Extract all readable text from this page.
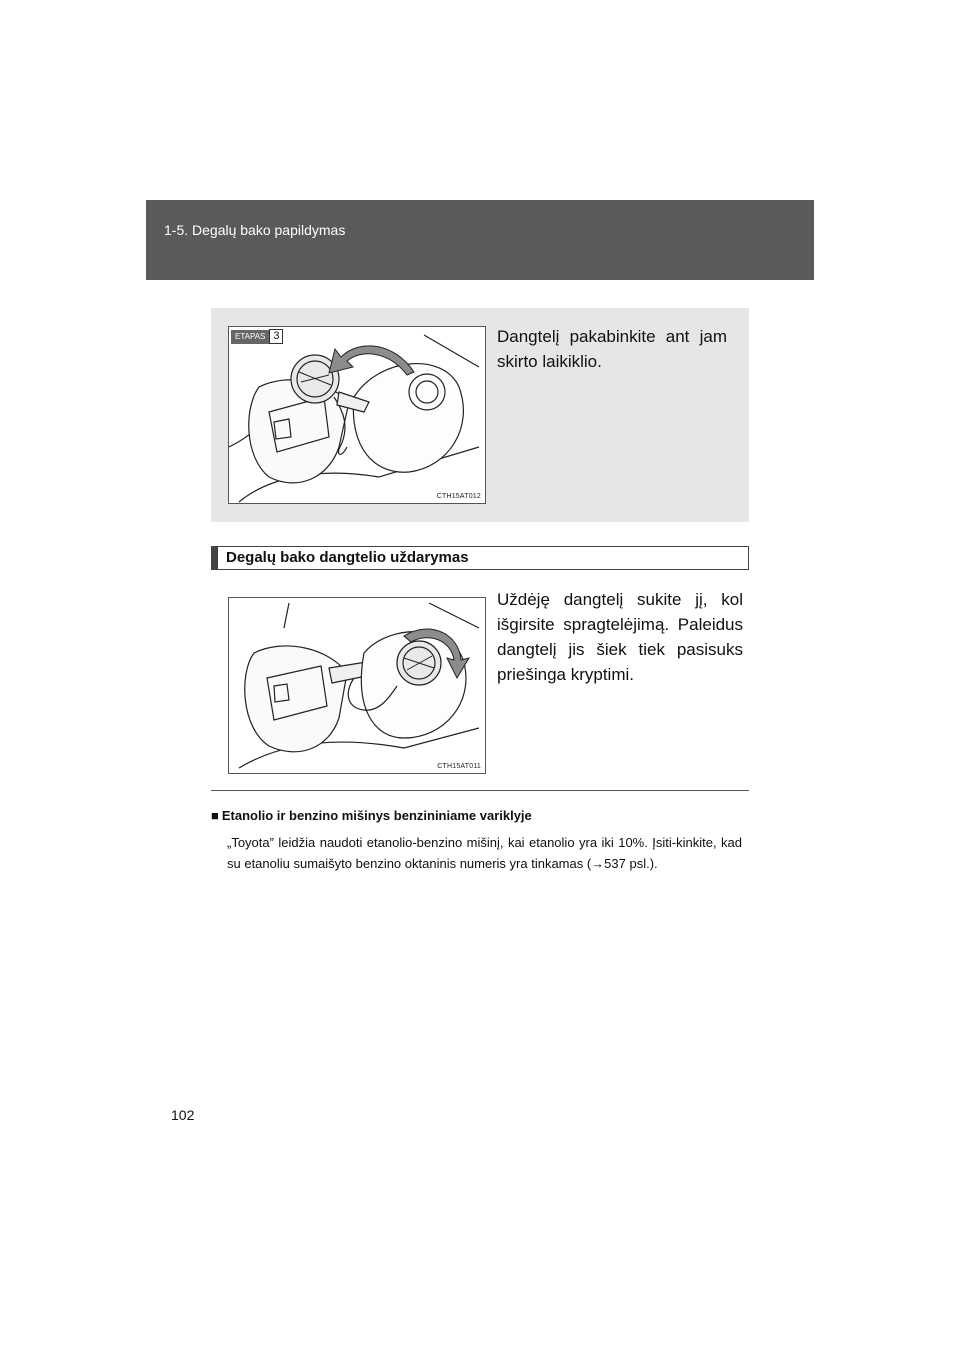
1-5. Degalų bako papildymas
ETAPAS 3
CTH15AT012
Dangtelį pakabinkite ant jam skirto laikiklio.
Degalų bako dangtelio uždarymas
CTH15AT011
Uždėję dangtelį sukite jį, kol išgirsite spragtelėjimą. Paleidus dangtelį jis šiek tiek pasisuks priešinga kryptimi.
■ Etanolio ir benzino mišinys benzininiame variklyje
„Toyota” leidžia naudoti etanolio-benzino mišinį, kai etanolio yra iki 10%. Įsiti-kinkite, kad su etanoliu sumaišyto benzino oktaninis numeris yra tinkamas (→537 psl.).
102
